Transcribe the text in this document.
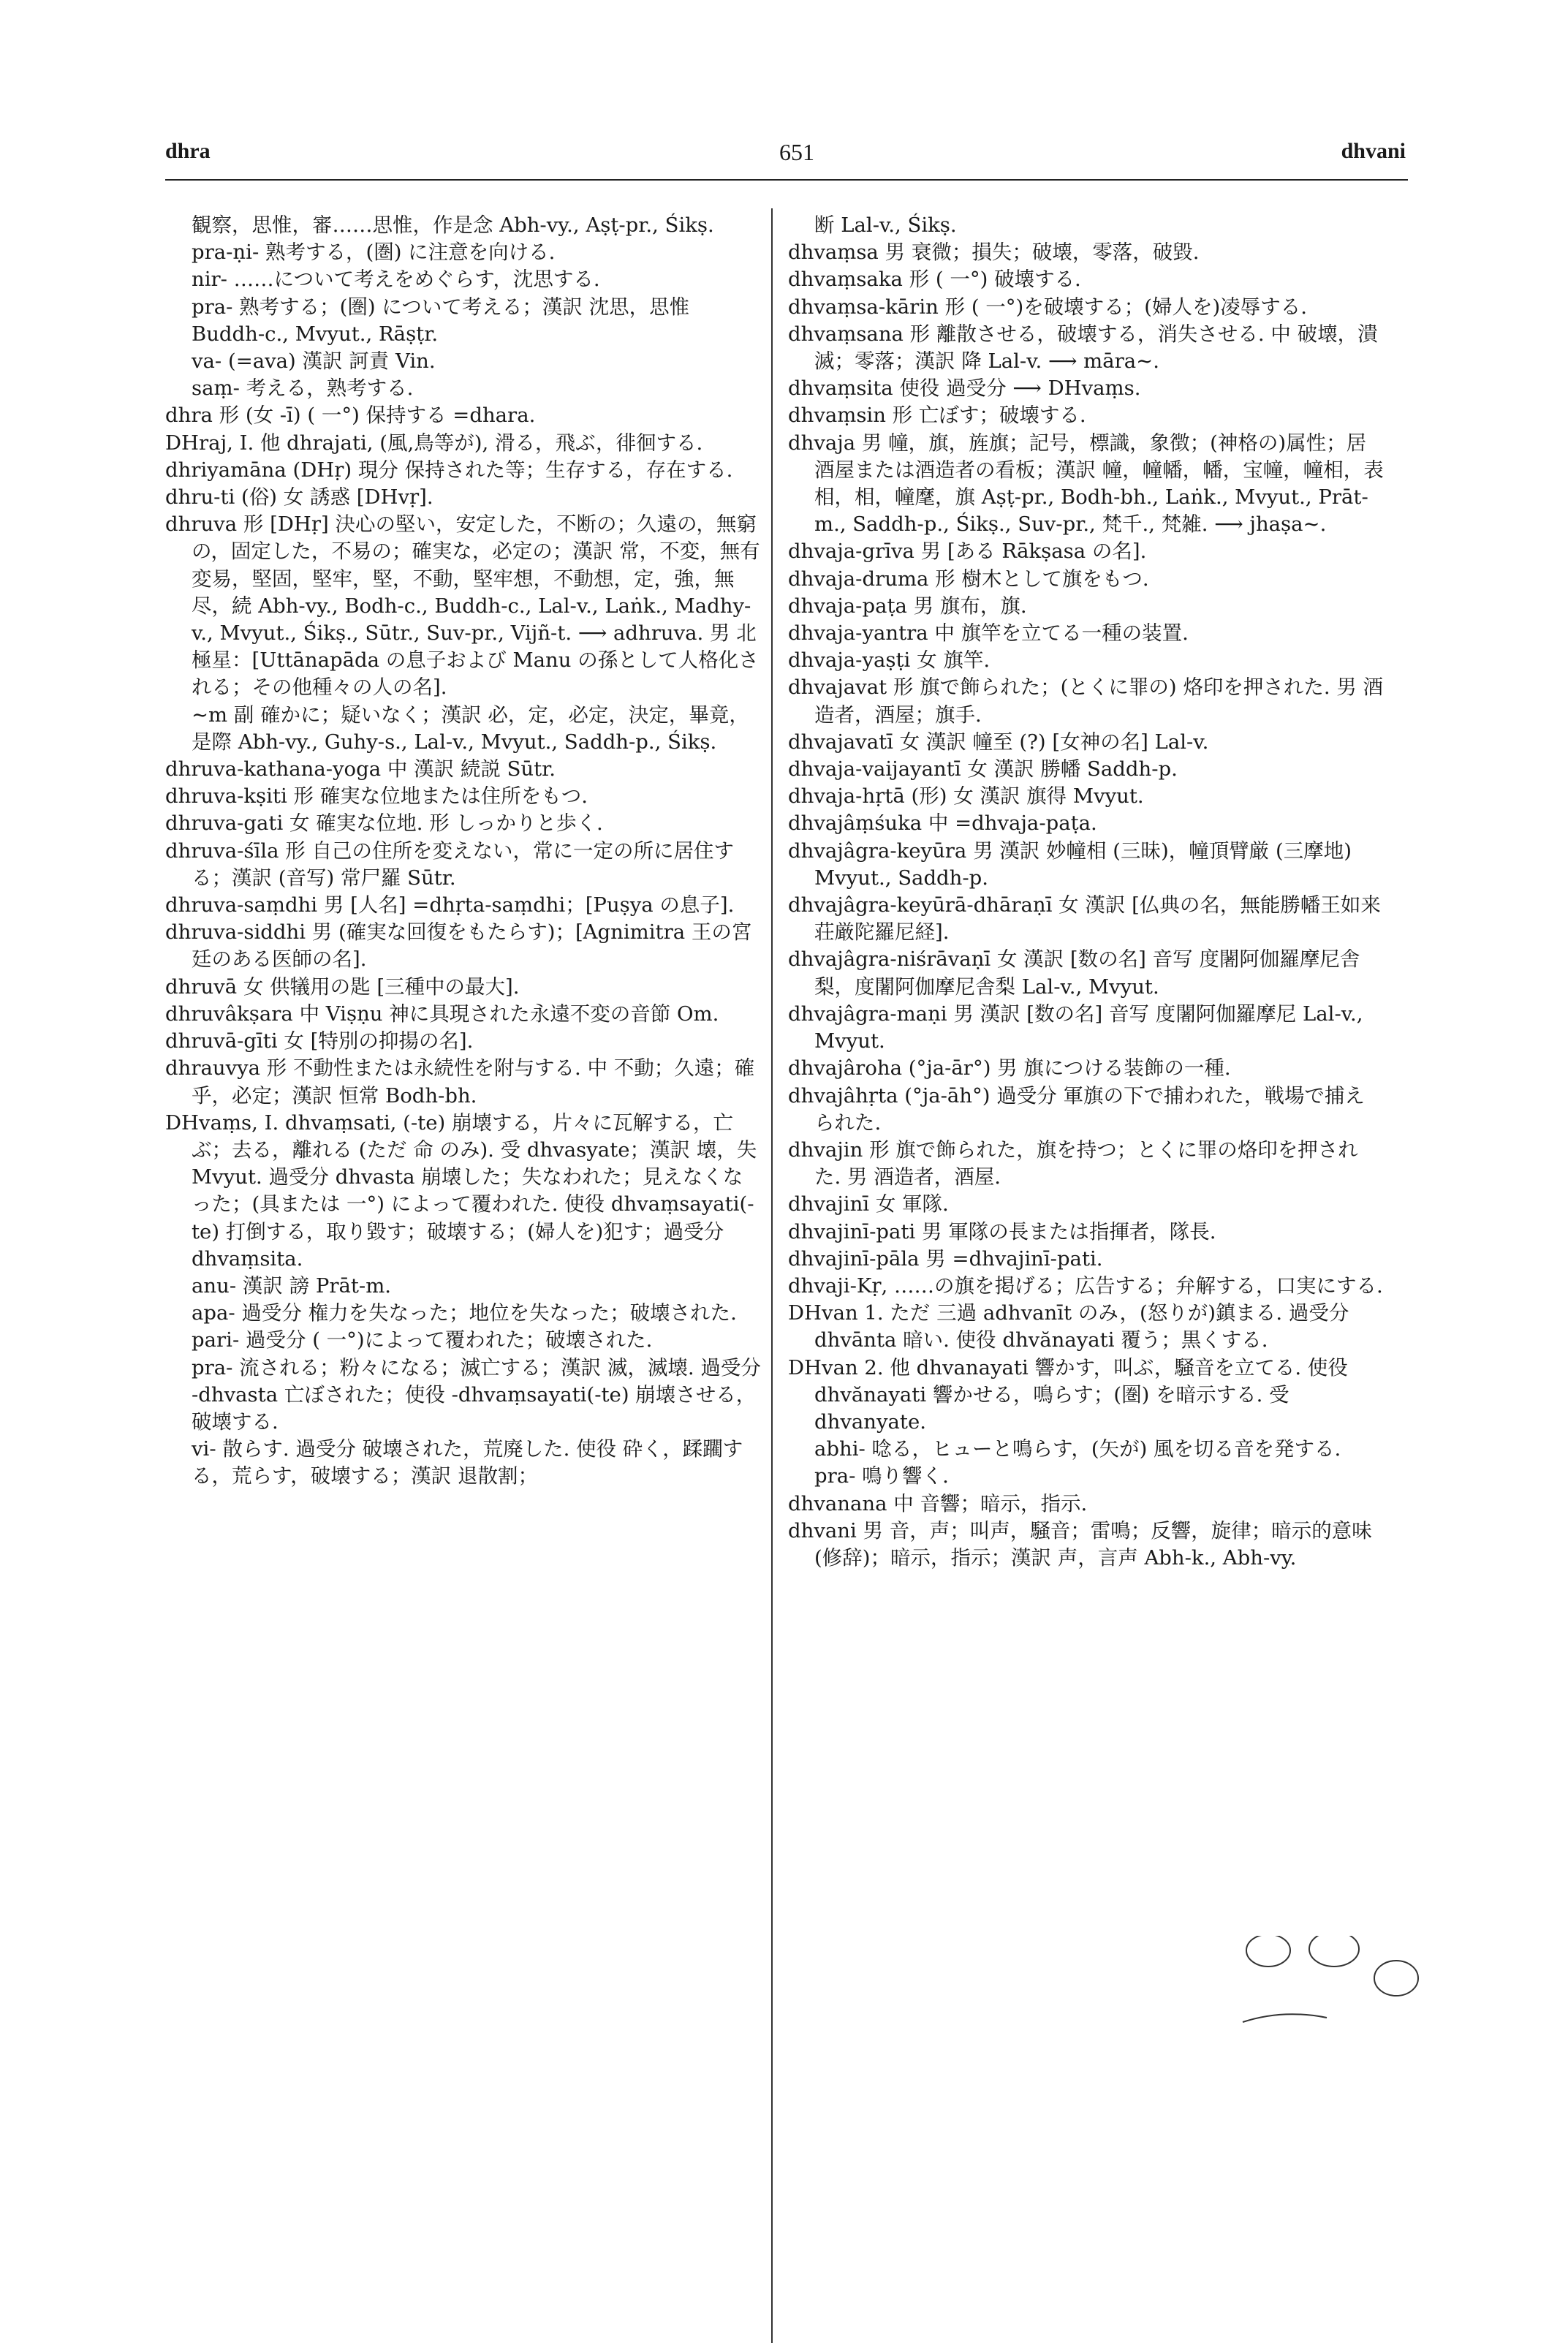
dhra	651	dhvani

観察，思惟，審……思惟，作是念 Abh-vy., Aṣṭ-pr., Śikṣ.

pra-ṇi- 熟考する，(圏) に注意を向ける.

nir- ……について考えをめぐらす，沈思する.

pra- 熟考する；(圏) について考える；漢訳 沈思，思惟 Buddh-c., Mvyut., Rāṣṭr.

va- (=ava) 漢訳 訶責 Vin.

saṃ- 考える，熟考する.

dhra 形 (女 -ī) ( 一°) 保持する =dhara.

DHraj, I. 他 dhrajati, (風,鳥等が), 滑る，飛ぶ，徘徊する.

dhriyamāna (DHṛ) 現分 保持された等；生存する，存在する.

dhru-ti (俗) 女 誘惑 [DHvṛ].

dhruva 形 [DHṛ] 決心の堅い，安定した，不断の；久遠の，無窮の，固定した，不易の；確実な，必定の；漢訳 常，不変，無有変易，堅固，堅牢，堅，不動，堅牢想，不動想，定，強，無尽，続 Abh-vy., Bodh-c., Buddh-c., Lal-v., Laṅk., Madhy-v., Mvyut., Śikṣ., Sūtr., Suv-pr., Vijñ-t. ⟶ adhruva. 男 北極星：[Uttānapāda の息子および Manu の孫として人格化される；その他種々の人の名].

∼m 副 確かに；疑いなく；漢訳 必，定，必定，決定，畢竟，是際 Abh-vy., Guhy-s., Lal-v., Mvyut., Saddh-p., Śikṣ.

dhruva-kathana-yoga 中 漢訳 続説 Sūtr.

dhruva-kṣiti 形 確実な位地または住所をもつ.

dhruva-gati 女 確実な位地. 形 しっかりと歩く.

dhruva-śīla 形 自己の住所を変えない，常に一定の所に居住する；漢訳 (音写) 常尸羅 Sūtr.

dhruva-saṃdhi 男 [人名] =dhṛta-saṃdhi；[Puṣya の息子].

dhruva-siddhi 男 (確実な回復をもたらす)；[Agnimitra 王の宮廷のある医師の名].

dhruvā 女 供犠用の匙 [三種中の最大].

dhruvâkṣara 中 Viṣṇu 神に具現された永遠不変の音節 Om.

dhruvā-gīti 女 [特別の抑揚の名].

dhrauvya 形 不動性または永続性を附与する. 中 不動；久遠；確乎，必定；漢訳 恒常 Bodh-bh.

DHvaṃs, I. dhvaṃsati, (-te) 崩壊する，片々に瓦解する，亡ぶ；去る，離れる (ただ 命 のみ). 受 dhvasyate；漢訳 壊，失 Mvyut. 過受分 dhvasta 崩壊した；失なわれた；見えなくなった；(具または 一°) によって覆われた. 使役 dhvaṃsayati(-te) 打倒する，取り毀す；破壊する；(婦人を)犯す；過受分 dhvaṃsita.

anu- 漢訳 謗 Prāt-m.

apa- 過受分 権力を失なった；地位を失なった；破壊された.

pari- 過受分 ( 一°)によって覆われた；破壊された.

pra- 流される；粉々になる；滅亡する；漢訳 滅，滅壊. 過受分 -dhvasta 亡ぼされた；使役 -dhvaṃsayati(-te) 崩壊させる，破壊する.

vi- 散らす. 過受分 破壊された，荒廃した. 使役 砕く，蹂躙する，荒らす，破壊する；漢訳 退散割；

断 Lal-v., Śikṣ.

dhvaṃsa 男 衰微；損失；破壊，零落，破毀.

dhvaṃsaka 形 ( 一°) 破壊する.

dhvaṃsa-kārin 形 ( 一°)を破壊する；(婦人を)凌辱する.

dhvaṃsana 形 離散させる，破壊する，消失させる. 中 破壊，潰滅；零落；漢訳 降 Lal-v. ⟶ māra∼.

dhvaṃsita 使役 過受分 ⟶ DHvaṃs.

dhvaṃsin 形 亡ぼす；破壊する.

dhvaja 男 幢，旗，旌旗；記号，標識，象徴；(神格の)属性；居酒屋または酒造者の看板；漢訳 幢，幢幡，幡，宝幢，幢相，表相，相，幢麾，旗 Aṣṭ-pr., Bodh-bh., Laṅk., Mvyut., Prāt-m., Saddh-p., Śikṣ., Suv-pr., 梵千., 梵雑. ⟶ jhaṣa∼.

dhvaja-grīva 男 [ある Rākṣasa の名].

dhvaja-druma 形 樹木として旗をもつ.

dhvaja-paṭa 男 旗布，旗.

dhvaja-yantra 中 旗竿を立てる一種の装置.

dhvaja-yaṣṭi 女 旗竿.

dhvajavat 形 旗で飾られた；(とくに罪の) 烙印を押された. 男 酒造者，酒屋；旗手.

dhvajavatī 女 漢訳 幢至 (?) [女神の名] Lal-v.

dhvaja-vaijayantī 女 漢訳 勝幡 Saddh-p.

dhvaja-hṛtā (形) 女 漢訳 旗得 Mvyut.

dhvajâṃśuka 中 =dhvaja-paṭa.

dhvajâgra-keyūra 男 漢訳 妙幢相 (三昧)，幢頂臂厳 (三摩地) Mvyut., Saddh-p.

dhvajâgra-keyūrā-dhāraṇī 女 漢訳 [仏典の名，無能勝幡王如来荘厳陀羅尼経].

dhvajâgra-niśrāvaṇī 女 漢訳 [数の名] 音写 度闍阿伽羅摩尼舎梨，度闍阿伽摩尼舎梨 Lal-v., Mvyut.

dhvajâgra-maṇi 男 漢訳 [数の名] 音写 度闍阿伽羅摩尼 Lal-v., Mvyut.

dhvajâroha (°ja-ār°) 男 旗につける装飾の一種.

dhvajâhṛta (°ja-āh°) 過受分 軍旗の下で捕われた，戦場で捕えられた.

dhvajin 形 旗で飾られた，旗を持つ；とくに罪の烙印を押された. 男 酒造者，酒屋.

dhvajinī 女 軍隊.

dhvajinī-pati 男 軍隊の長または指揮者，隊長.

dhvajinī-pāla 男 =dhvajinī-pati.

dhvaji-Kṛ, ……の旗を掲げる；広告する；弁解する，口実にする.

DHvan 1. ただ 三過 adhvanīt のみ，(怒りが)鎮まる. 過受分 dhvānta 暗い. 使役 dhvănayati 覆う；黒くする.

DHvan 2. 他 dhvanayati 響かす，叫ぶ，騒音を立てる. 使役 dhvănayati 響かせる，鳴らす；(圏) を暗示する. 受 dhvanyate.

abhi- 唸る，ヒューと鳴らす，(矢が) 風を切る音を発する.

pra- 鳴り響く.

dhvanana 中 音響；暗示，指示.

dhvani 男 音，声；叫声，騒音；雷鳴；反響，旋律；暗示的意味 (修辞)；暗示，指示；漢訳 声，言声 Abh-k., Abh-vy.
